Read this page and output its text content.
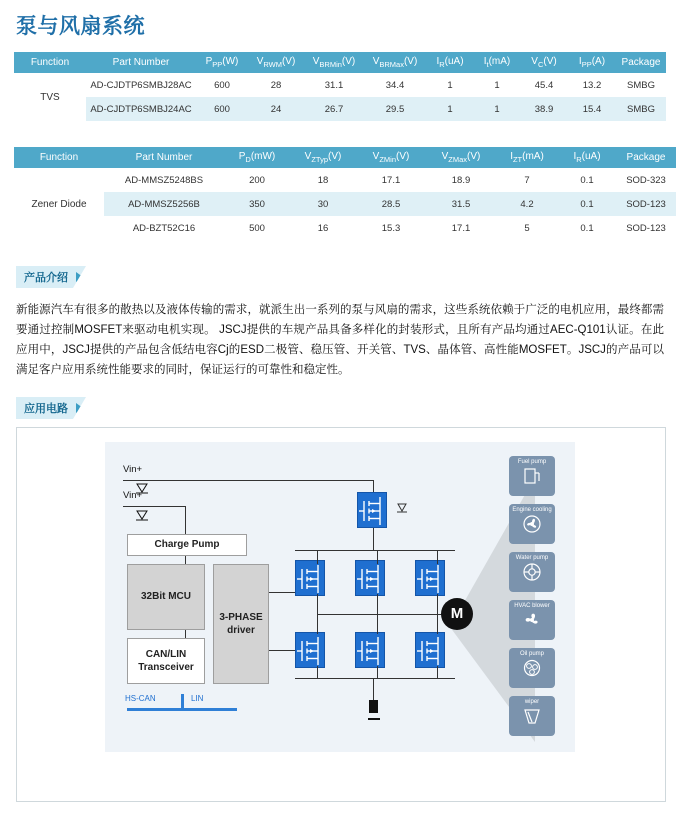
泵与风扇系统
Function	Part Number	$P_{PP}(W)$	$V_{RWM}(V)$	$V_{BRMin}(V)$	$V_{BRMax}(V)$	$I_R(uA)$	$I_t(mA)$	$V_C(V)$	$I_{PP}(A)$	Package
TVS	AD-CJDTP6SMBJ28AC	600	28	31.1	34.4	1	1	45.4	13.2	SMBG
	AD-CJDTP6SMBJ24AC	600	24	26.7	29.5	1	1	38.9	15.4	SMBG
Function	Part Number	$P_D(mW)$	$V_{ZTyp}(V)$	$V_{ZMin}(V)$	$V_{ZMax}(V)$	$I_{ZT}(mA)$	$I_R(uA)$	Package
Zener Diode	AD-MMSZ5248BS	200	18	17.1	18.9	7	0.1	SOD-323
	AD-MMSZ5256B	350	30	28.5	31.5	4.2	0.1	SOD-123
	AD-BZT52C16	500	16	15.3	17.1	5	0.1	SOD-123
产品介绍
新能源汽车有很多的散热以及液体传输的需求，就派生出一系列的泵与风扇的需求，这些系统依赖于广泛的电机应用，最终都需要通过控制MOSFET来驱动电机实现。 JSCJ提供的车规产品具备多样化的封装形式，且所有产品均通过AEC-Q101认证。在此应用中，JSCJ提供的产品包含低结电容Cj的ESD二极管、稳压管、开关管、TVS、晶体管、高性能MOSFET。JSCJ的产品可以满足客户应用系统性能要求的同时，保证运行的可靠性和稳定性。
应用电路
Vin+
Vin+
Charge Pump
32Bit MCU
CAN/LIN Transceiver
3-PHASE driver
HS-CAN	LIN
M
Fuel pump
Engine cooling
Water pump
HVAC blower
Oil pump
wiper
